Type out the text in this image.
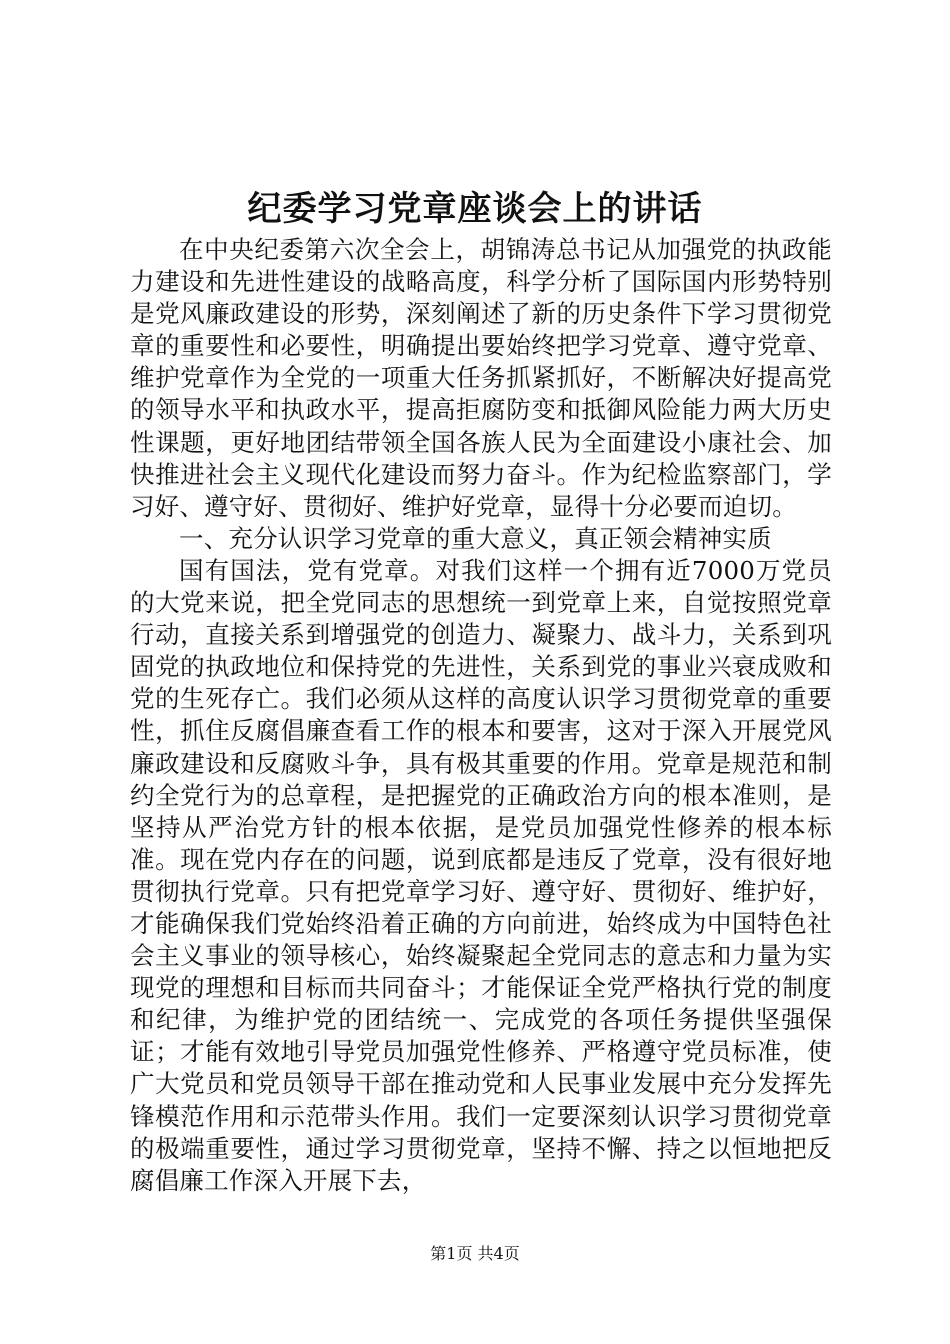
纪委学习党章座谈会上的讲话

在中央纪委第六次全会上，胡锦涛总书记从加强党的执政能力建设和先进性建设的战略高度，科学分析了国际国内形势特别是党风廉政建设的形势，深刻阐述了新的历史条件下学习贯彻党章的重要性和必要性，明确提出要始终把学习党章、遵守党章、维护党章作为全党的一项重大任务抓紧抓好，不断解决好提高党的领导水平和执政水平，提高拒腐防变和抵御风险能力两大历史性课题，更好地团结带领全国各族人民为全面建设小康社会、加快推进社会主义现代化建设而努力奋斗。作为纪检监察部门，学习好、遵守好、贯彻好、维护好党章，显得十分必要而迫切。

一、充分认识学习党章的重大意义，真正领会精神实质

国有国法，党有党章。对我们这样一个拥有近7000万党员的大党来说，把全党同志的思想统一到党章上来，自觉按照党章行动，直接关系到增强党的创造力、凝聚力、战斗力，关系到巩固党的执政地位和保持党的先进性，关系到党的事业兴衰成败和党的生死存亡。我们必须从这样的高度认识学习贯彻党章的重要性，抓住反腐倡廉查看工作的根本和要害，这对于深入开展党风廉政建设和反腐败斗争，具有极其重要的作用。党章是规范和制约全党行为的总章程，是把握党的正确政治方向的根本准则，是坚持从严治党方针的根本依据，是党员加强党性修养的根本标准。现在党内存在的问题，说到底都是违反了党章，没有很好地贯彻执行党章。只有把党章学习好、遵守好、贯彻好、维护好，才能确保我们党始终沿着正确的方向前进，始终成为中国特色社会主义事业的领导核心，始终凝聚起全党同志的意志和力量为实现党的理想和目标而共同奋斗；才能保证全党严格执行党的制度和纪律，为维护党的团结统一、完成党的各项任务提供坚强保证；才能有效地引导党员加强党性修养、严格遵守党员标准，使广大党员和党员领导干部在推动党和人民事业发展中充分发挥先锋模范作用和示范带头作用。我们一定要深刻认识学习贯彻党章的极端重要性，通过学习贯彻党章，坚持不懈、持之以恒地把反腐倡廉工作深入开展下去，

第1页 共4页
